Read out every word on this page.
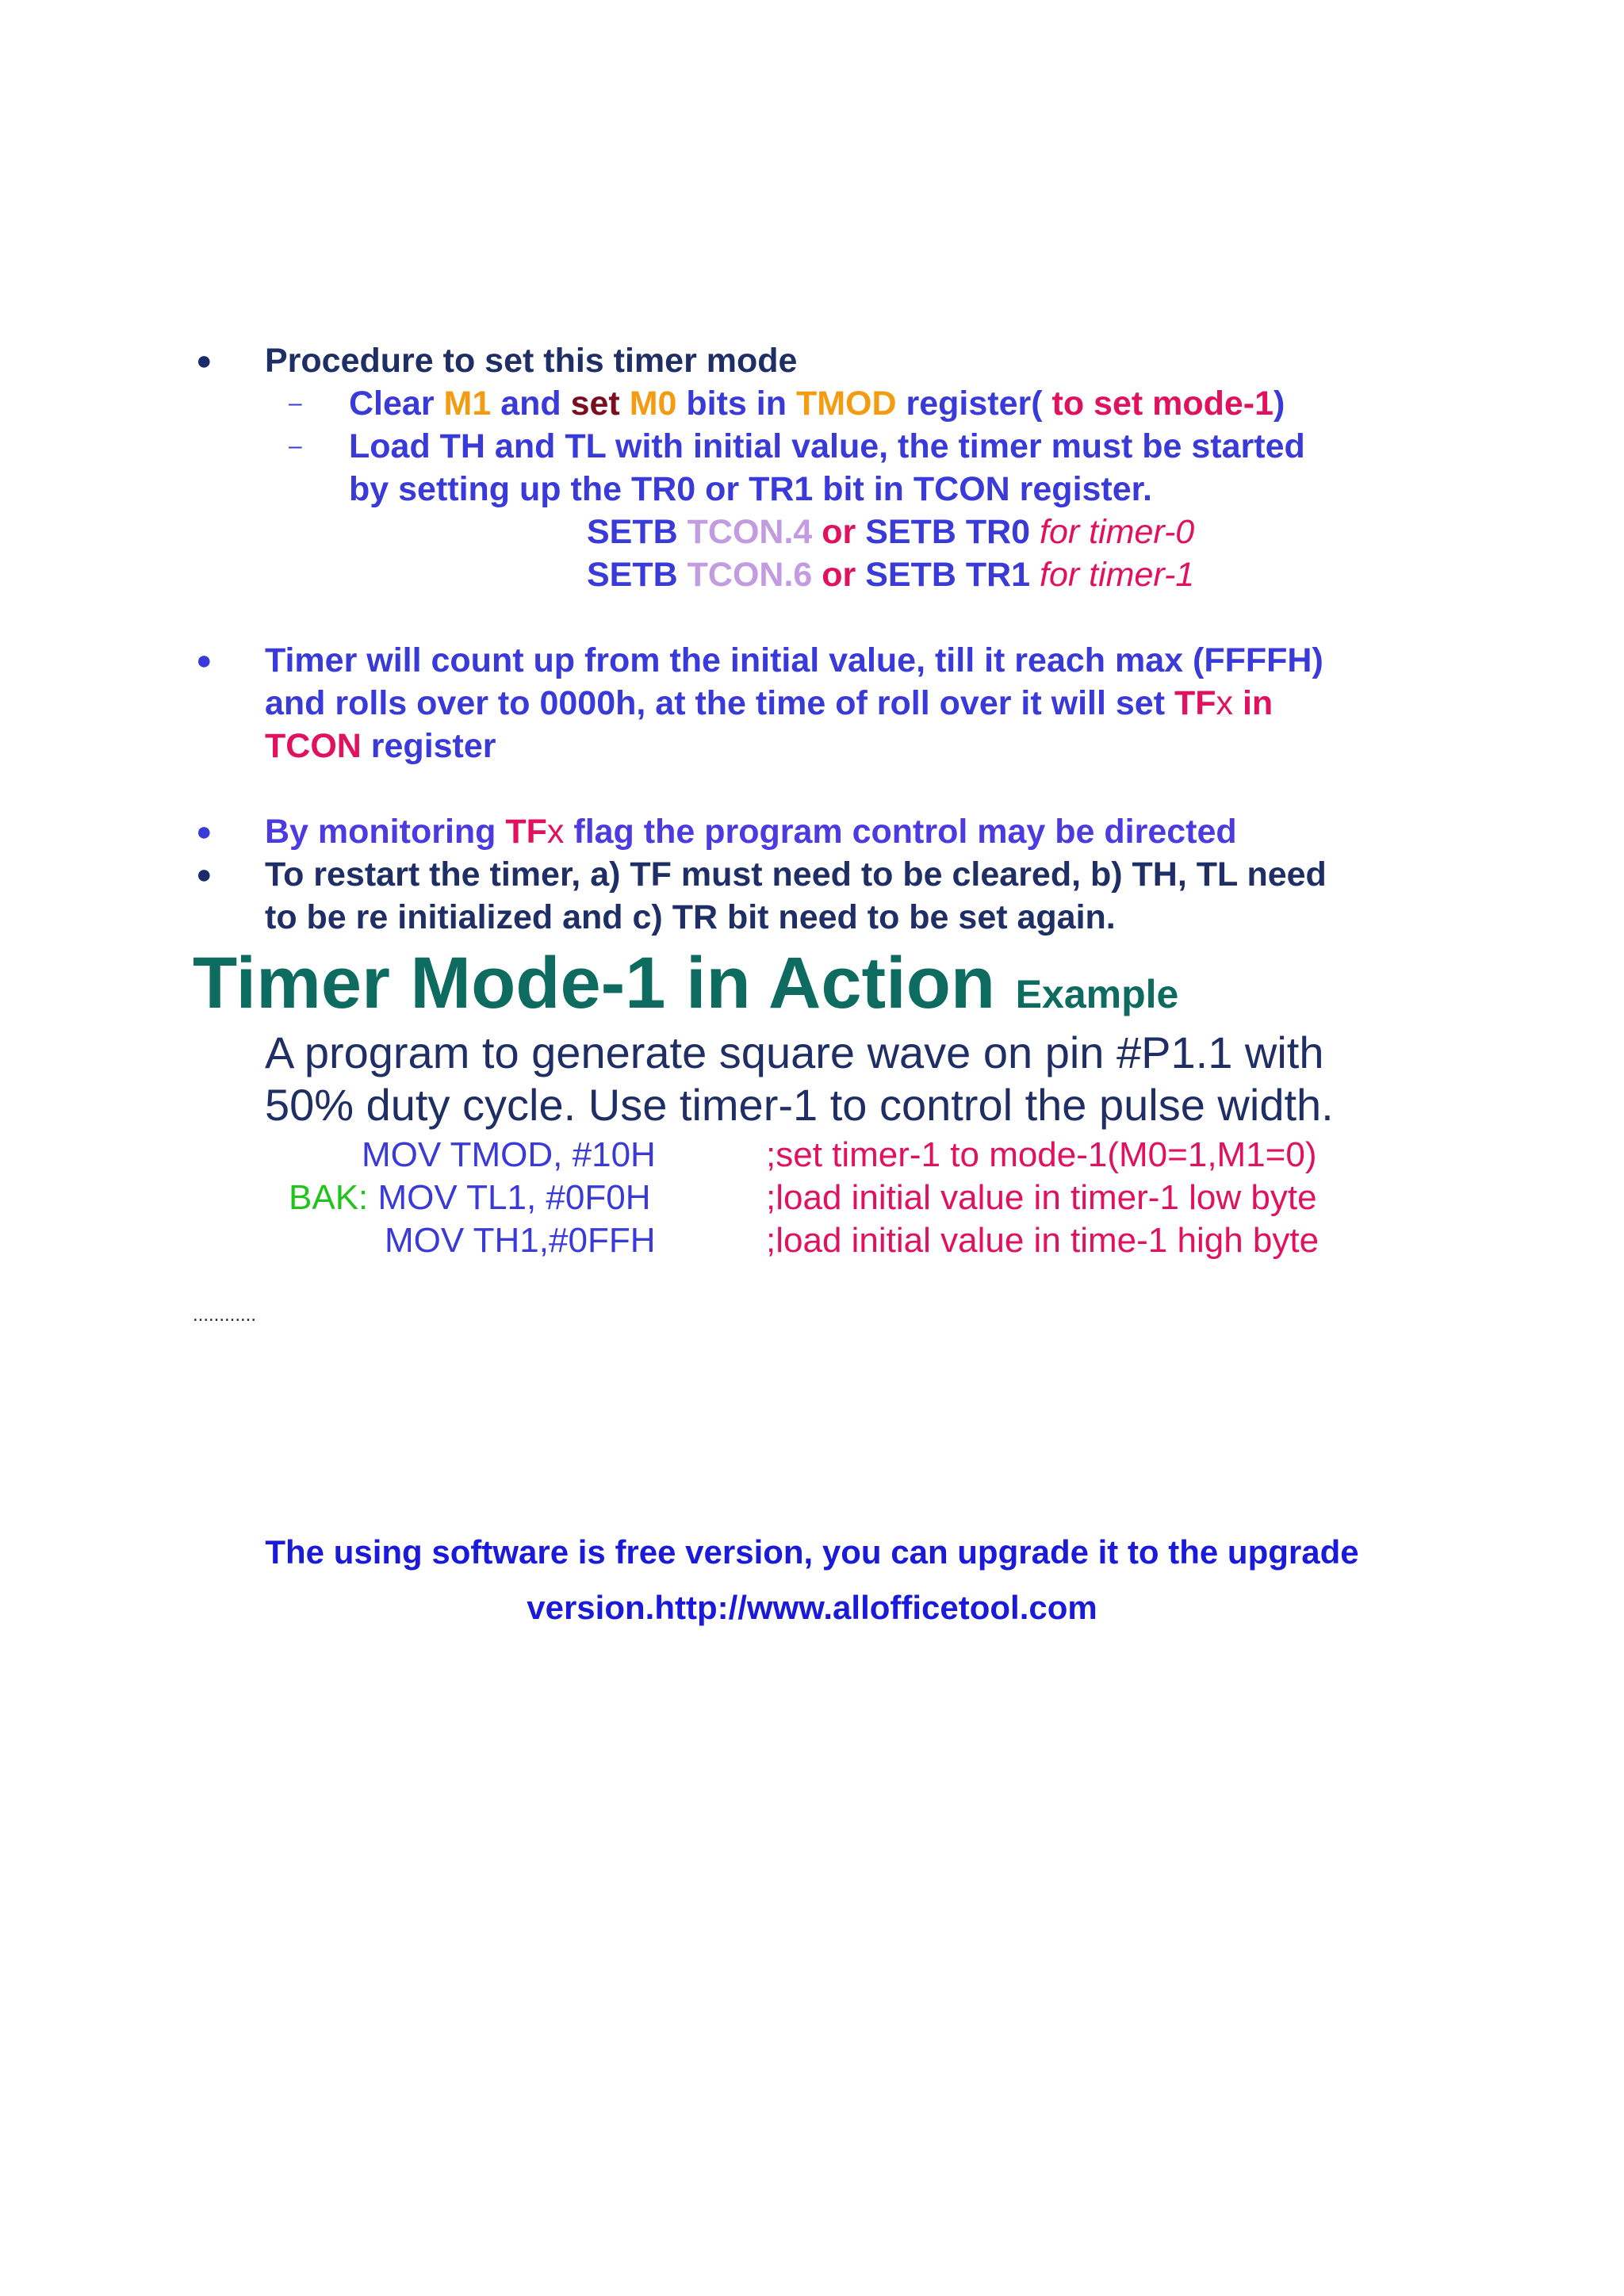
● Procedure to set this timer mode
– Clear M1 and set M0 bits in TMOD register( to set mode-1)
– Load TH and TL with initial value, the timer must be started
by setting up the TR0 or TR1 bit in TCON register.
SETB TCON.4 or SETB TR0 for timer-0
SETB TCON.6 or SETB TR1 for timer-1
● Timer will count up from the initial value, till it reach max (FFFFH)
and rolls over to 0000h, at the time of roll over it will set TFx in
TCON register
● By monitoring TFx flag the program control may be directed
● To restart the timer, a) TF must need to be cleared, b) TH, TL need
to be re initialized and c) TR bit need to be set again.
Timer Mode-1 in Action Example
A program to generate square wave on pin #P1.1 with
50% duty cycle. Use timer-1 to control the pulse width.
MOV TMOD, #10H	;set timer-1 to mode-1(M0=1,M1=0)
BAK: MOV TL1, #0F0H	;load initial value in timer-1 low byte
MOV TH1,#0FFH	;load initial value in time-1 high byte
............
The using software is free version, you can upgrade it to the upgrade
version.http://www.allofficetool.com
